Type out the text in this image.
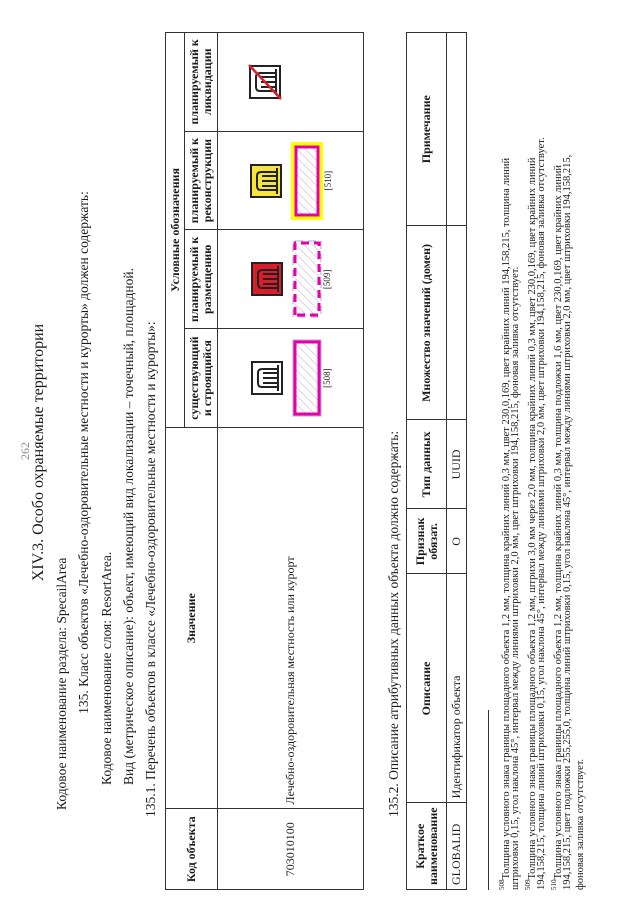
262
XIV.3. Особо охраняемые территории
Кодовое наименование раздела: SpecailArea 135. Класс объектов «Лечебно-оздоровительные местности и курорты» должен содержать: Кодовое наименование слоя: ResortArea. Вид (метрическое описание): объект, имеющий вид локализации – точечный, площадной. 135.1. Перечень объектов в классе «Лечебно-оздоровительные местности и курорты»:
Код объекта	Значение	Условные обозначения			
		существующий и строящийся	планируемый к размещению	планируемый к реконструкции	планируемый к ликвидации
703010100	Лечебно-оздоровительная местность или курорт	[508]	[509]	[510]

135.2. Описание атрибутивных данных объекта должно содержать:
Краткое наименование	Описание	Признак обязат.	Тип данных	Множество значений (домен)	Примечание
GLOBALID	Идентификатор объекта	О	UUID		
$^{508}$Толщина условного знака границы площадного объекта 1,2 мм, толщина крайних линий 0,3 мм, цвет 230,0,169, цвет крайних линий 194,158,215, толщина линий
штриховки 0,15, угол наклона 45°, интервал между линиями штриховки 2,0 мм, цвет штриховки 194,158,215, фоновая заливка отсутствует. $^{509}$Толщина условного знака границы площадного объекта 1,2 мм, штрихи 3,0 мм через 2,0 мм, толщина крайних линий 0,3 мм, цвет 230,0,169, цвет крайних линий
194,158,215, толщина линий штриховки 0,15, угол наклона 45°, интервал между линиями штриховки 2,0 мм, цвет штриховки 194,158,215, фоновая заливка отсутствует. $^{510}$Толщина условного знака границы площадного объекта 1,2 мм, толщина крайних линий 0,3 мм, толщина подложки 1,6 мм, цвет 230,0,169, цвет крайних линий
194,158,215, цвет подложки 255,255,0, толщина линий штриховки 0,15, угол наклона 45°, интервал между линиями штриховки 2,0 мм, цвет штриховки 194,158,215, фоновая заливка отсутствует.
